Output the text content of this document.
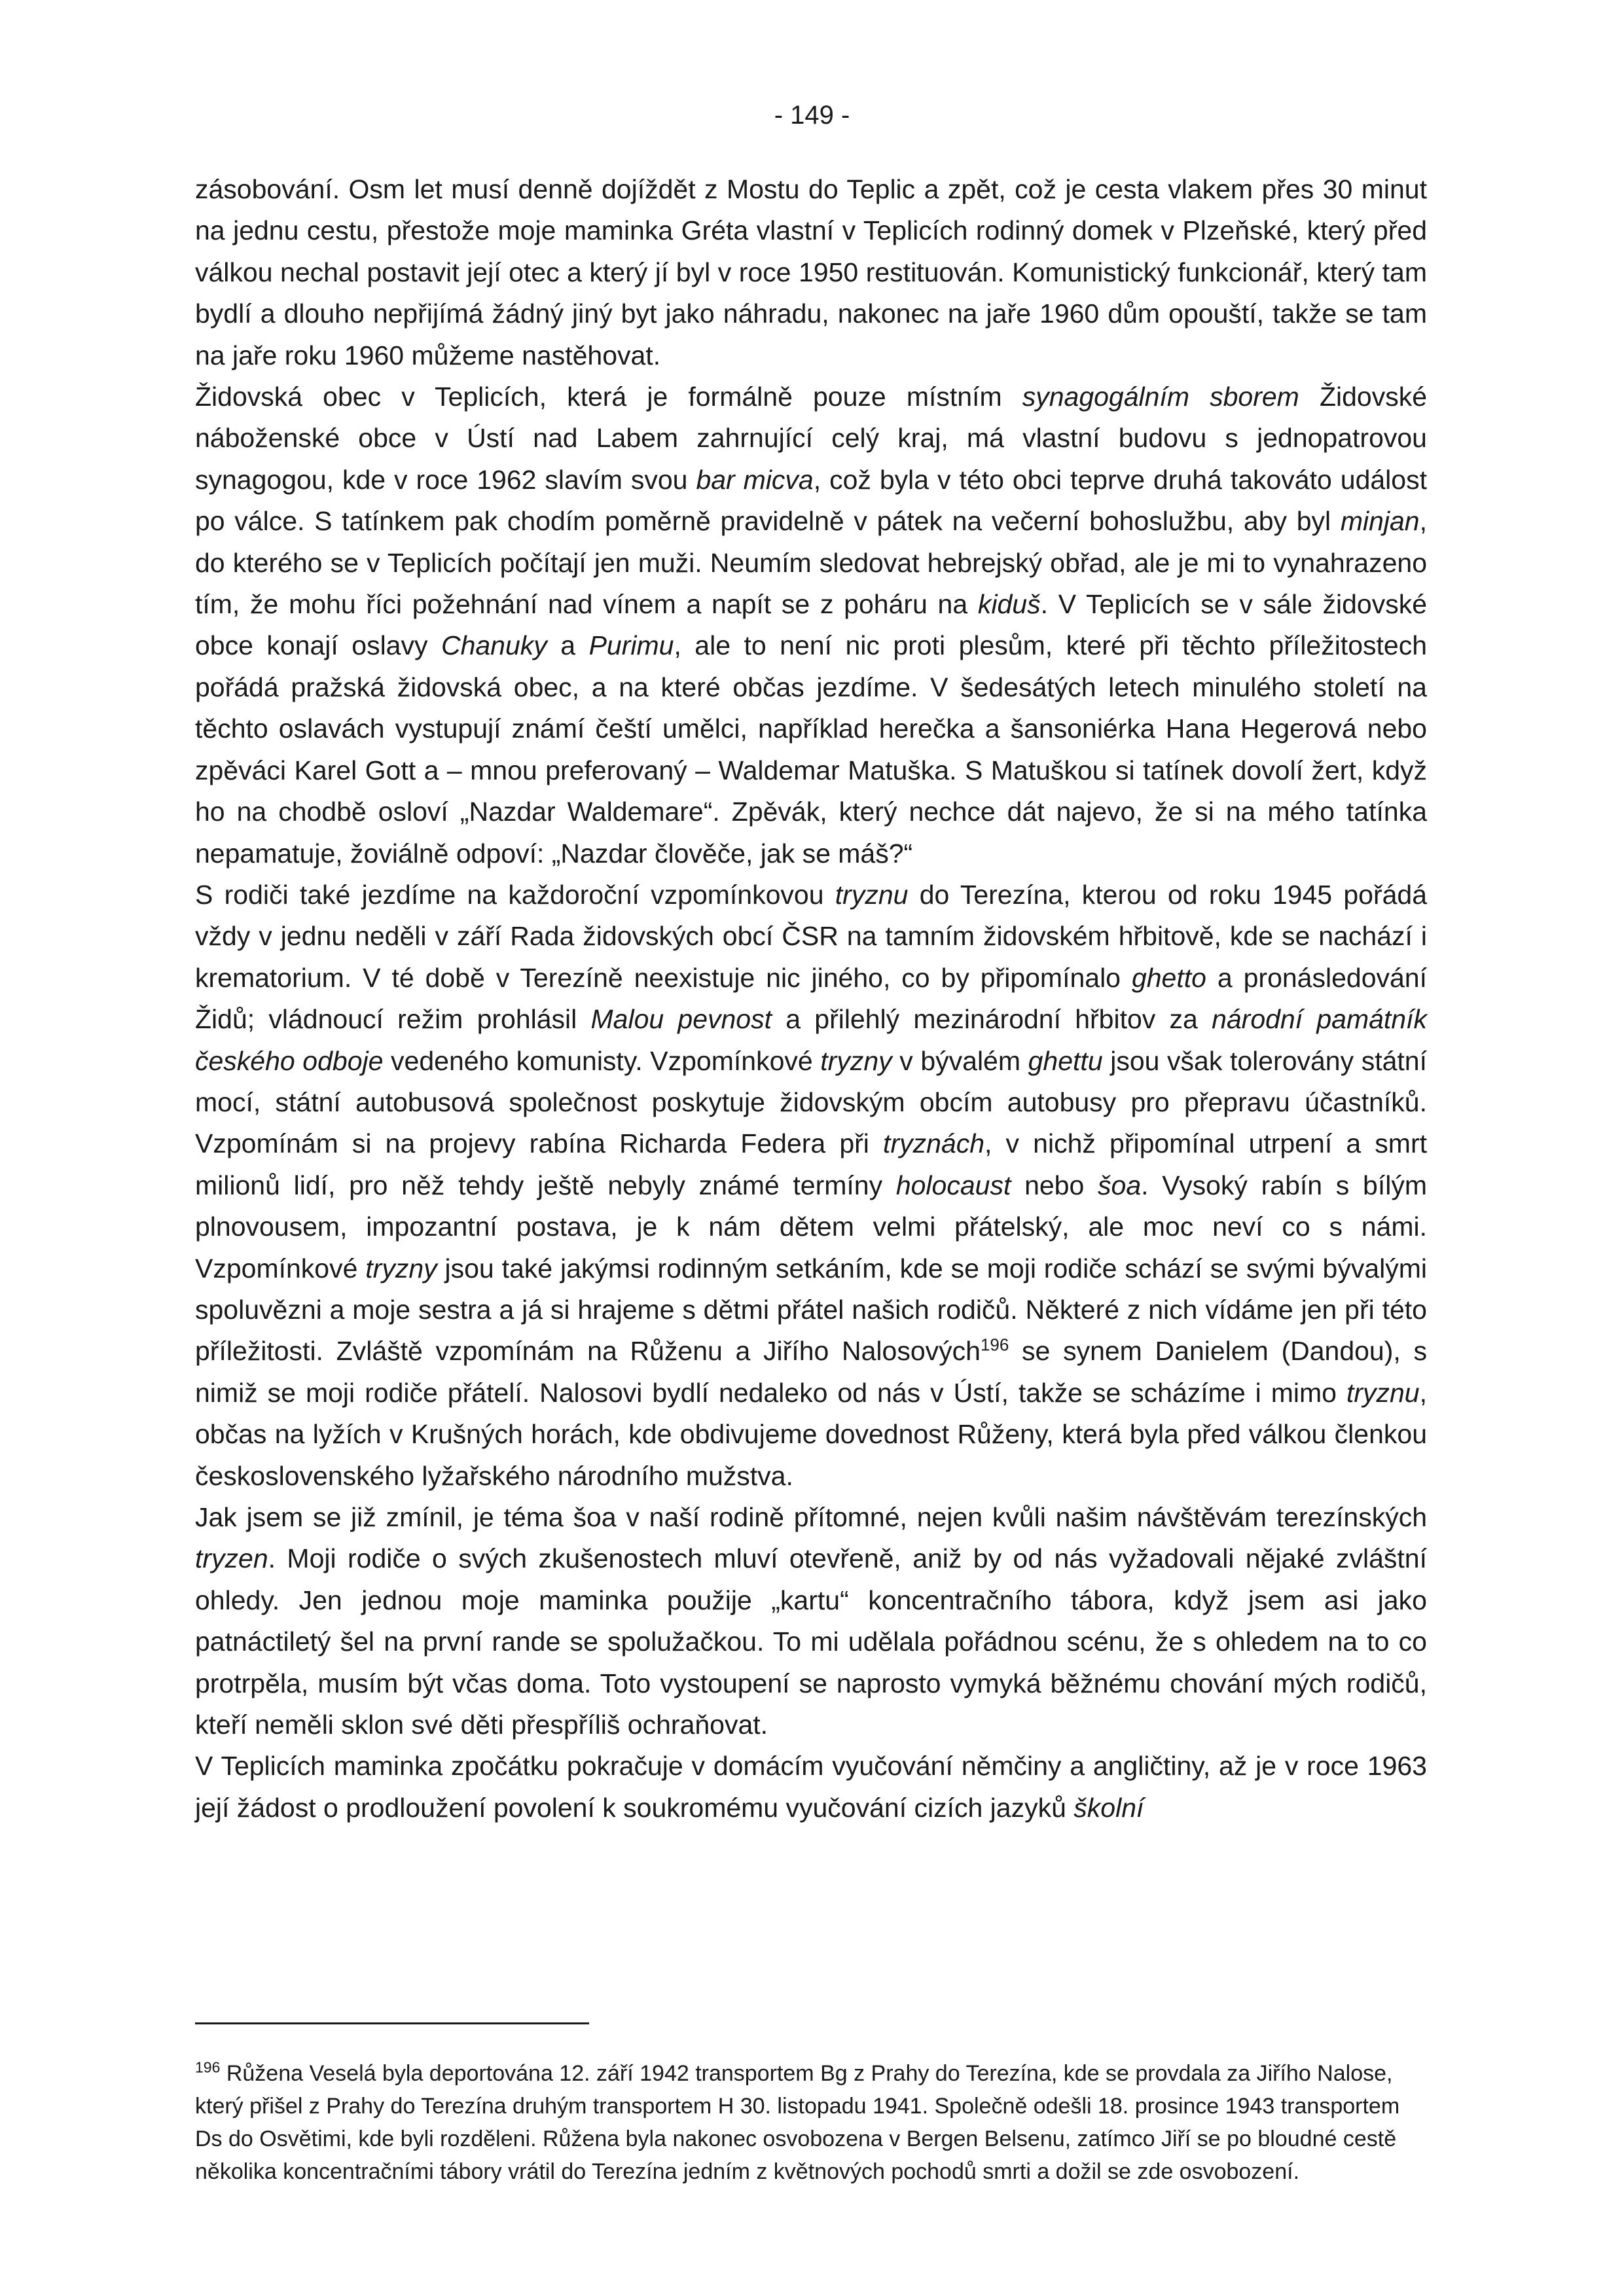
- 149 -

zásobování. Osm let musí denně dojíždět z Mostu do Teplic a zpět, což je cesta vlakem přes 30 minut na jednu cestu, přestože moje maminka Gréta vlastní v Teplicích rodinný domek v Plzeňské, který před válkou nechal postavit její otec a který jí byl v roce 1950 restituován. Komunistický funkcionář, který tam bydlí a dlouho nepřijímá žádný jiný byt jako náhradu, nakonec na jaře 1960 dům opouští, takže se tam na jaře roku 1960 můžeme nastěhovat.

Židovská obec v Teplicích, která je formálně pouze místním synagogálním sborem Židovské náboženské obce v Ústí nad Labem zahrnující celý kraj, má vlastní budovu s jednopatrovou synagogou, kde v roce 1962 slavím svou bar micva, což byla v této obci teprve druhá takováto událost po válce. S tatínkem pak chodím poměrně pravidelně v pátek na večerní bohoslužbu, aby byl minjan, do kterého se v Teplicích počítají jen muži. Neumím sledovat hebrejský obřad, ale je mi to vynahrazeno tím, že mohu říci požehnání nad vínem a napít se z poháru na kiduš. V Teplicích se v sále židovské obce konají oslavy Chanuky a Purimu, ale to není nic proti plesům, které při těchto příležitostech pořádá pražská židovská obec, a na které občas jezdíme. V šedesátých letech minulého století na těchto oslavách vystupují známí čeští umělci, například herečka a šansoniérka Hana Hegerová nebo zpěváci Karel Gott a – mnou preferovaný – Waldemar Matuška. S Matuškou si tatínek dovolí žert, když ho na chodbě osloví „Nazdar Waldemare“. Zpěvák, který nechce dát najevo, že si na mého tatínka nepamatuje, žoviálně odpoví: „Nazdar člověče, jak se máš?“

S rodiči také jezdíme na každoroční vzpomínkovou tryznu do Terezína, kterou od roku 1945 pořádá vždy v jednu neděli v září Rada židovských obcí ČSR na tamním židovském hřbitově, kde se nachází i krematorium. V té době v Terezíně neexistuje nic jiného, co by připomínalo ghetto a pronásledování Židů; vládnoucí režim prohlásil Malou pevnost a přilehlý mezinárodní hřbitov za národní památník českého odboje vedeného komunisty. Vzpomínkové tryzny v bývalém ghettu jsou však tolerovány státní mocí, státní autobusová společnost poskytuje židovským obcím autobusy pro přepravu účastníků. Vzpomínám si na projevy rabína Richarda Federa při tryznách, v nichž připomínal utrpení a smrt milionů lidí, pro něž tehdy ještě nebyly známé termíny holocaust nebo šoa. Vysoký rabín s bílým plnovousem, impozantní postava, je k nám dětem velmi přátelský, ale moc neví co s námi. Vzpomínkové tryzny jsou také jakýmsi rodinným setkáním, kde se moji rodiče schází se svými bývalými spoluvězni a moje sestra a já si hrajeme s dětmi přátel našich rodičů. Některé z nich vídáme jen při této příležitosti. Zvláště vzpomínám na Růženu a Jiřího Nalosových$^{196}$ se synem Danielem (Dandou), s nimiž se moji rodiče přátelí. Nalosovi bydlí nedaleko od nás v Ústí, takže se scházíme i mimo tryznu, občas na lyžích v Krušných horách, kde obdivujeme dovednost Růženy, která byla před válkou členkou československého lyžařského národního mužstva.

Jak jsem se již zmínil, je téma šoa v naší rodině přítomné, nejen kvůli našim návštěvám terezínských tryzen. Moji rodiče o svých zkušenostech mluví otevřeně, aniž by od nás vyžadovali nějaké zvláštní ohledy. Jen jednou moje maminka použije „kartu“ koncentračního tábora, když jsem asi jako patnáctiletý šel na první rande se spolužačkou. To mi udělala pořádnou scénu, že s ohledem na to co protrpěla, musím být včas doma. Toto vystoupení se naprosto vymyká běžnému chování mých rodičů, kteří neměli sklon své děti přespříliš ochraňovat.

V Teplicích maminka zpočátku pokračuje v domácím vyučování němčiny a angličtiny, až je v roce 1963 její žádost o prodloužení povolení k soukromému vyučování cizích jazyků školní

$^{196}$ Růžena Veselá byla deportována 12. září 1942 transportem Bg z Prahy do Terezína, kde se provdala za Jiřího Nalose, který přišel z Prahy do Terezína druhým transportem H 30. listopadu 1941. Společně odešli 18. prosince 1943 transportem Ds do Osvětimi, kde byli rozděleni. Růžena byla nakonec osvobozena v Bergen Belsenu, zatímco Jiří se po bloudné cestě několika koncentračními tábory vrátil do Terezína jedním z květnových pochodů smrti a dožil se zde osvobození.
